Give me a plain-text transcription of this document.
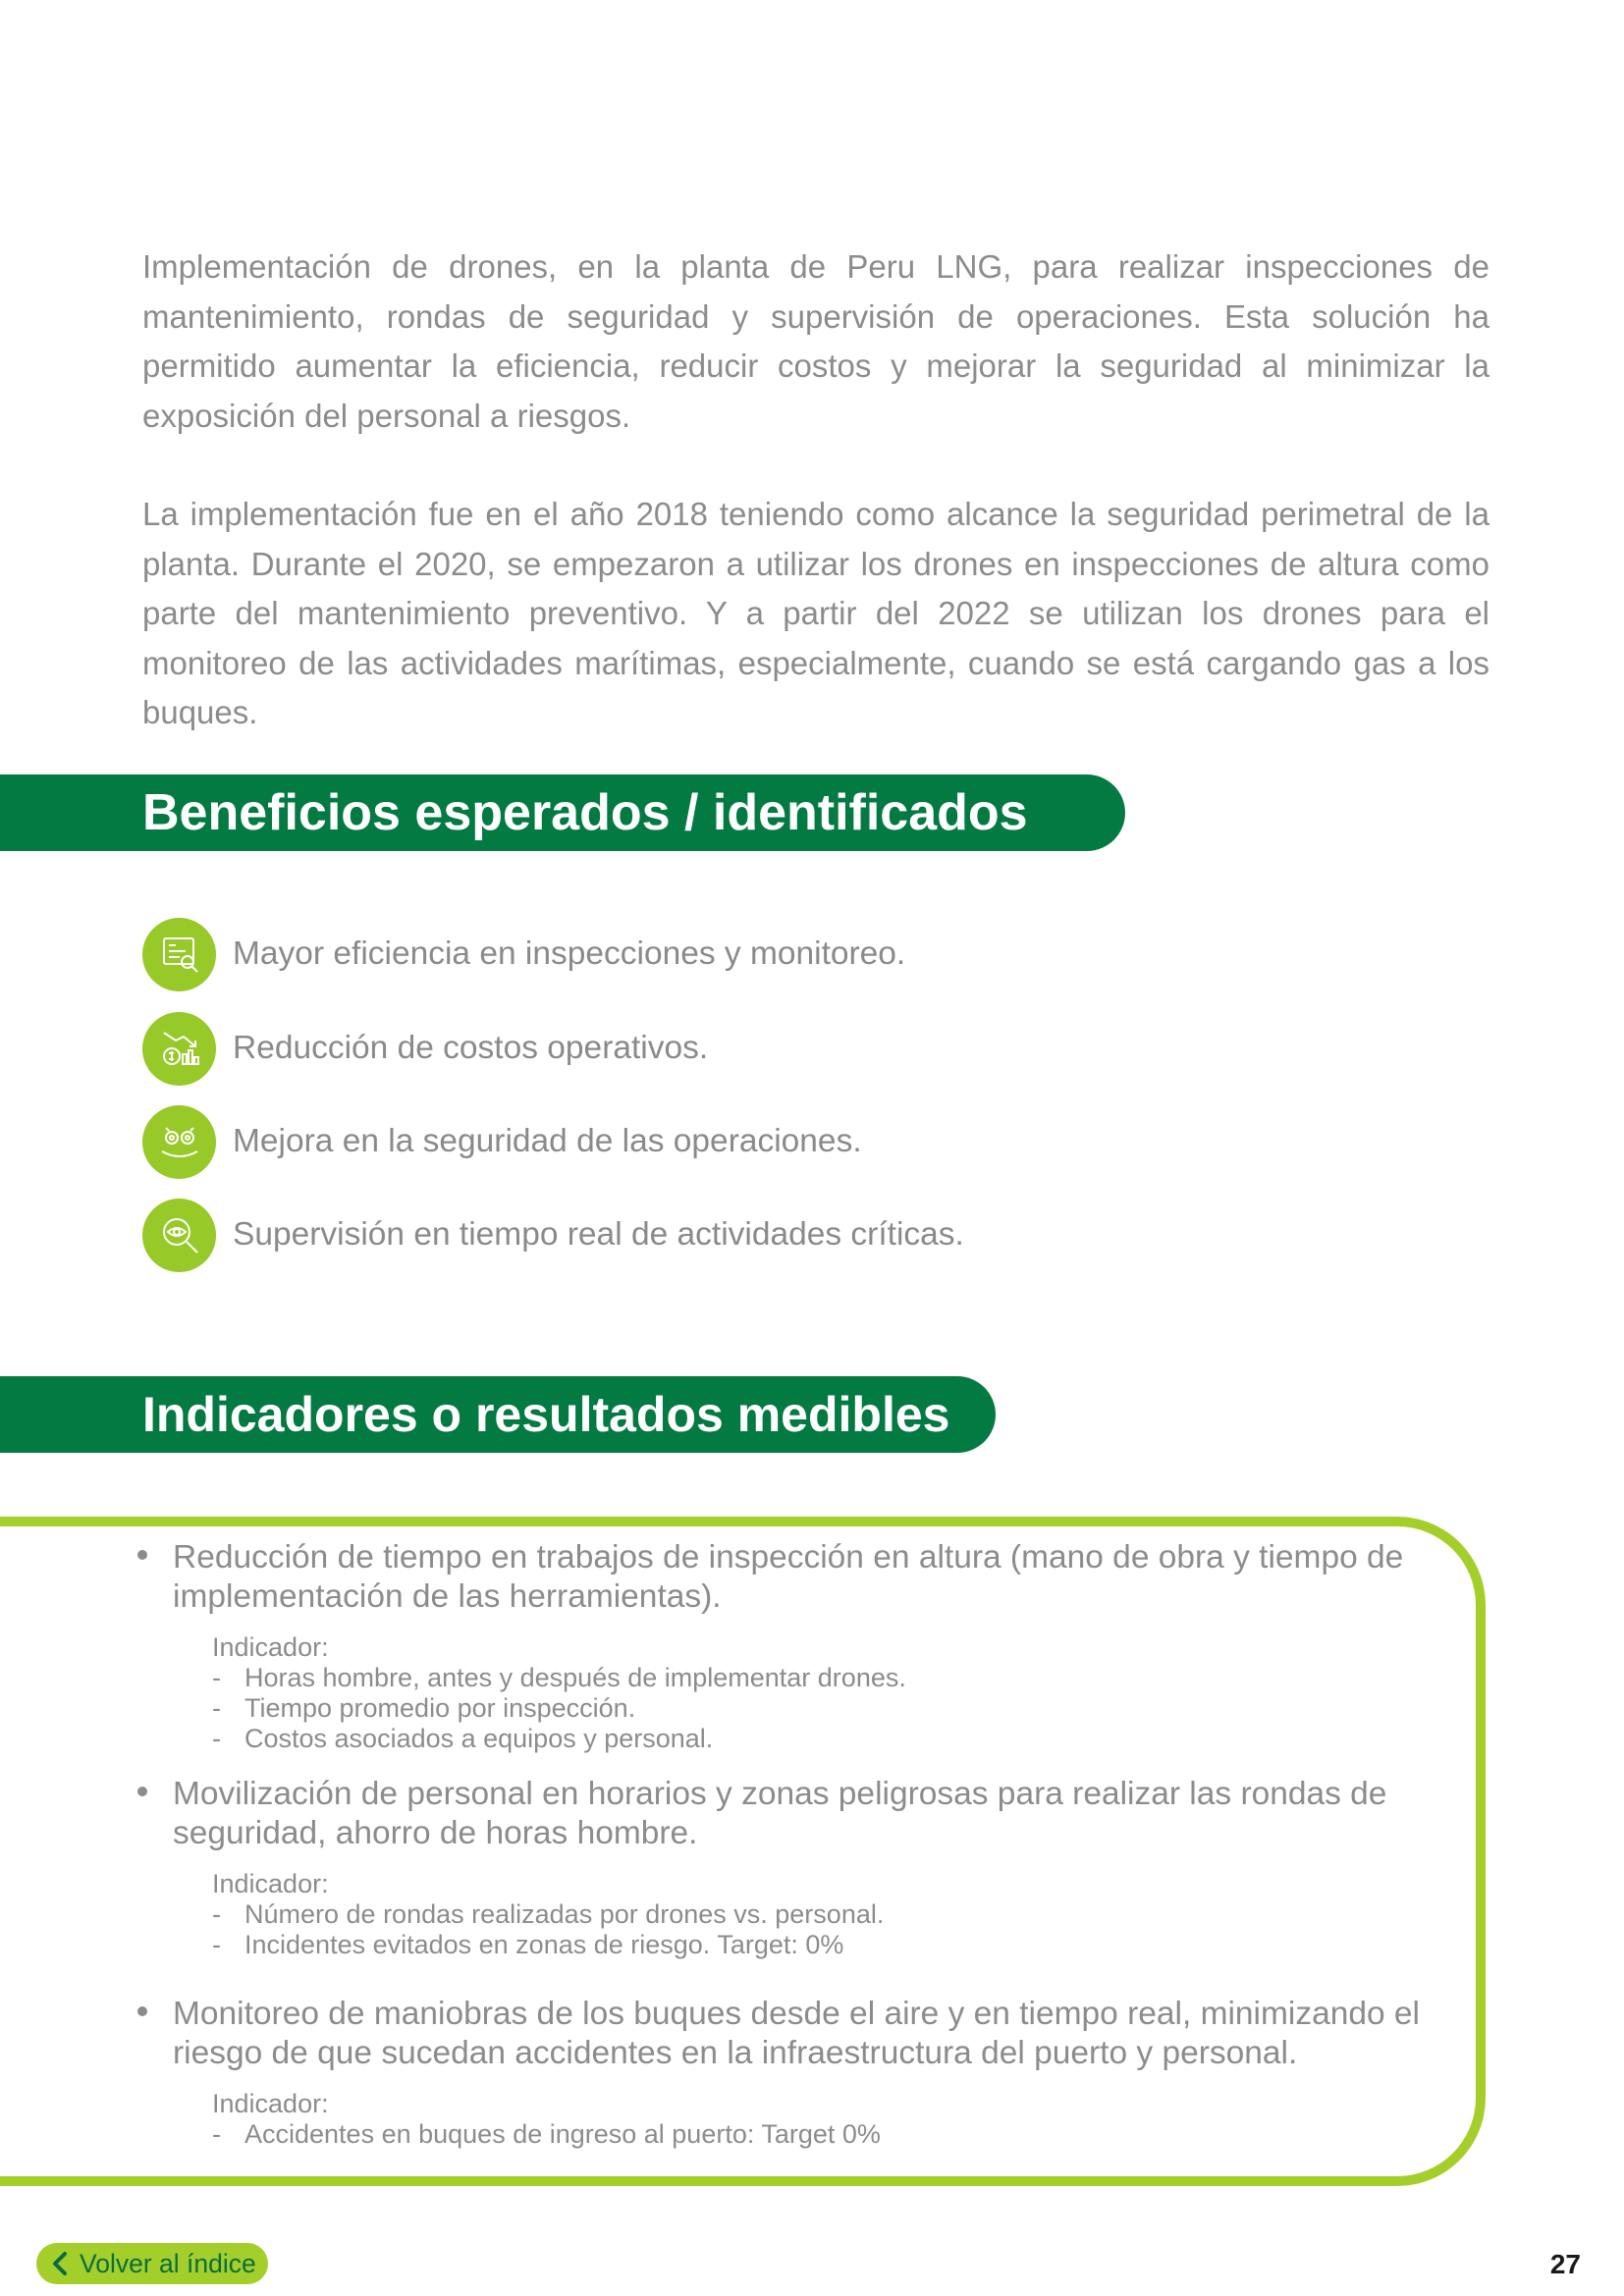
Implementación de drones, en la planta de Peru LNG, para realizar inspecciones de mantenimiento, rondas de seguridad y supervisión de operaciones. Esta solución ha permitido aumentar la eficiencia, reducir costos y mejorar la seguridad al minimizar la exposición del personal a riesgos.

La implementación fue en el año 2018 teniendo como alcance la seguridad perimetral de la planta. Durante el 2020, se empezaron a utilizar los drones en inspecciones de altura como parte del mantenimiento preventivo. Y a partir del 2022 se utilizan los drones para el monitoreo de las actividades marítimas, especialmente, cuando se está cargando gas a los buques.

Beneficios esperados / identificados
Mayor eficiencia en inspecciones y monitoreo.
Reducción de costos operativos.
Mejora en la seguridad de las operaciones.
Supervisión en tiempo real de actividades críticas.
Indicadores o resultados medibles

Reducción de tiempo en trabajos de inspección en altura (mano de obra y tiempo de implementación de las herramientas).

Indicador:
- Horas hombre, antes y después de implementar drones.
- Tiempo promedio por inspección.
- Costos asociados a equipos y personal.

Movilización de personal en horarios y zonas peligrosas para realizar las rondas de seguridad, ahorro de horas hombre.

Indicador:
- Número de rondas realizadas por drones vs. personal.
- Incidentes evitados en zonas de riesgo. Target: 0%

Monitoreo de maniobras de los buques desde el aire y en tiempo real, minimizando el riesgo de que sucedan accidentes en la infraestructura del puerto y personal.

Indicador:
- Accidentes en buques de ingreso al puerto: Target 0%
Volver al índice	27
